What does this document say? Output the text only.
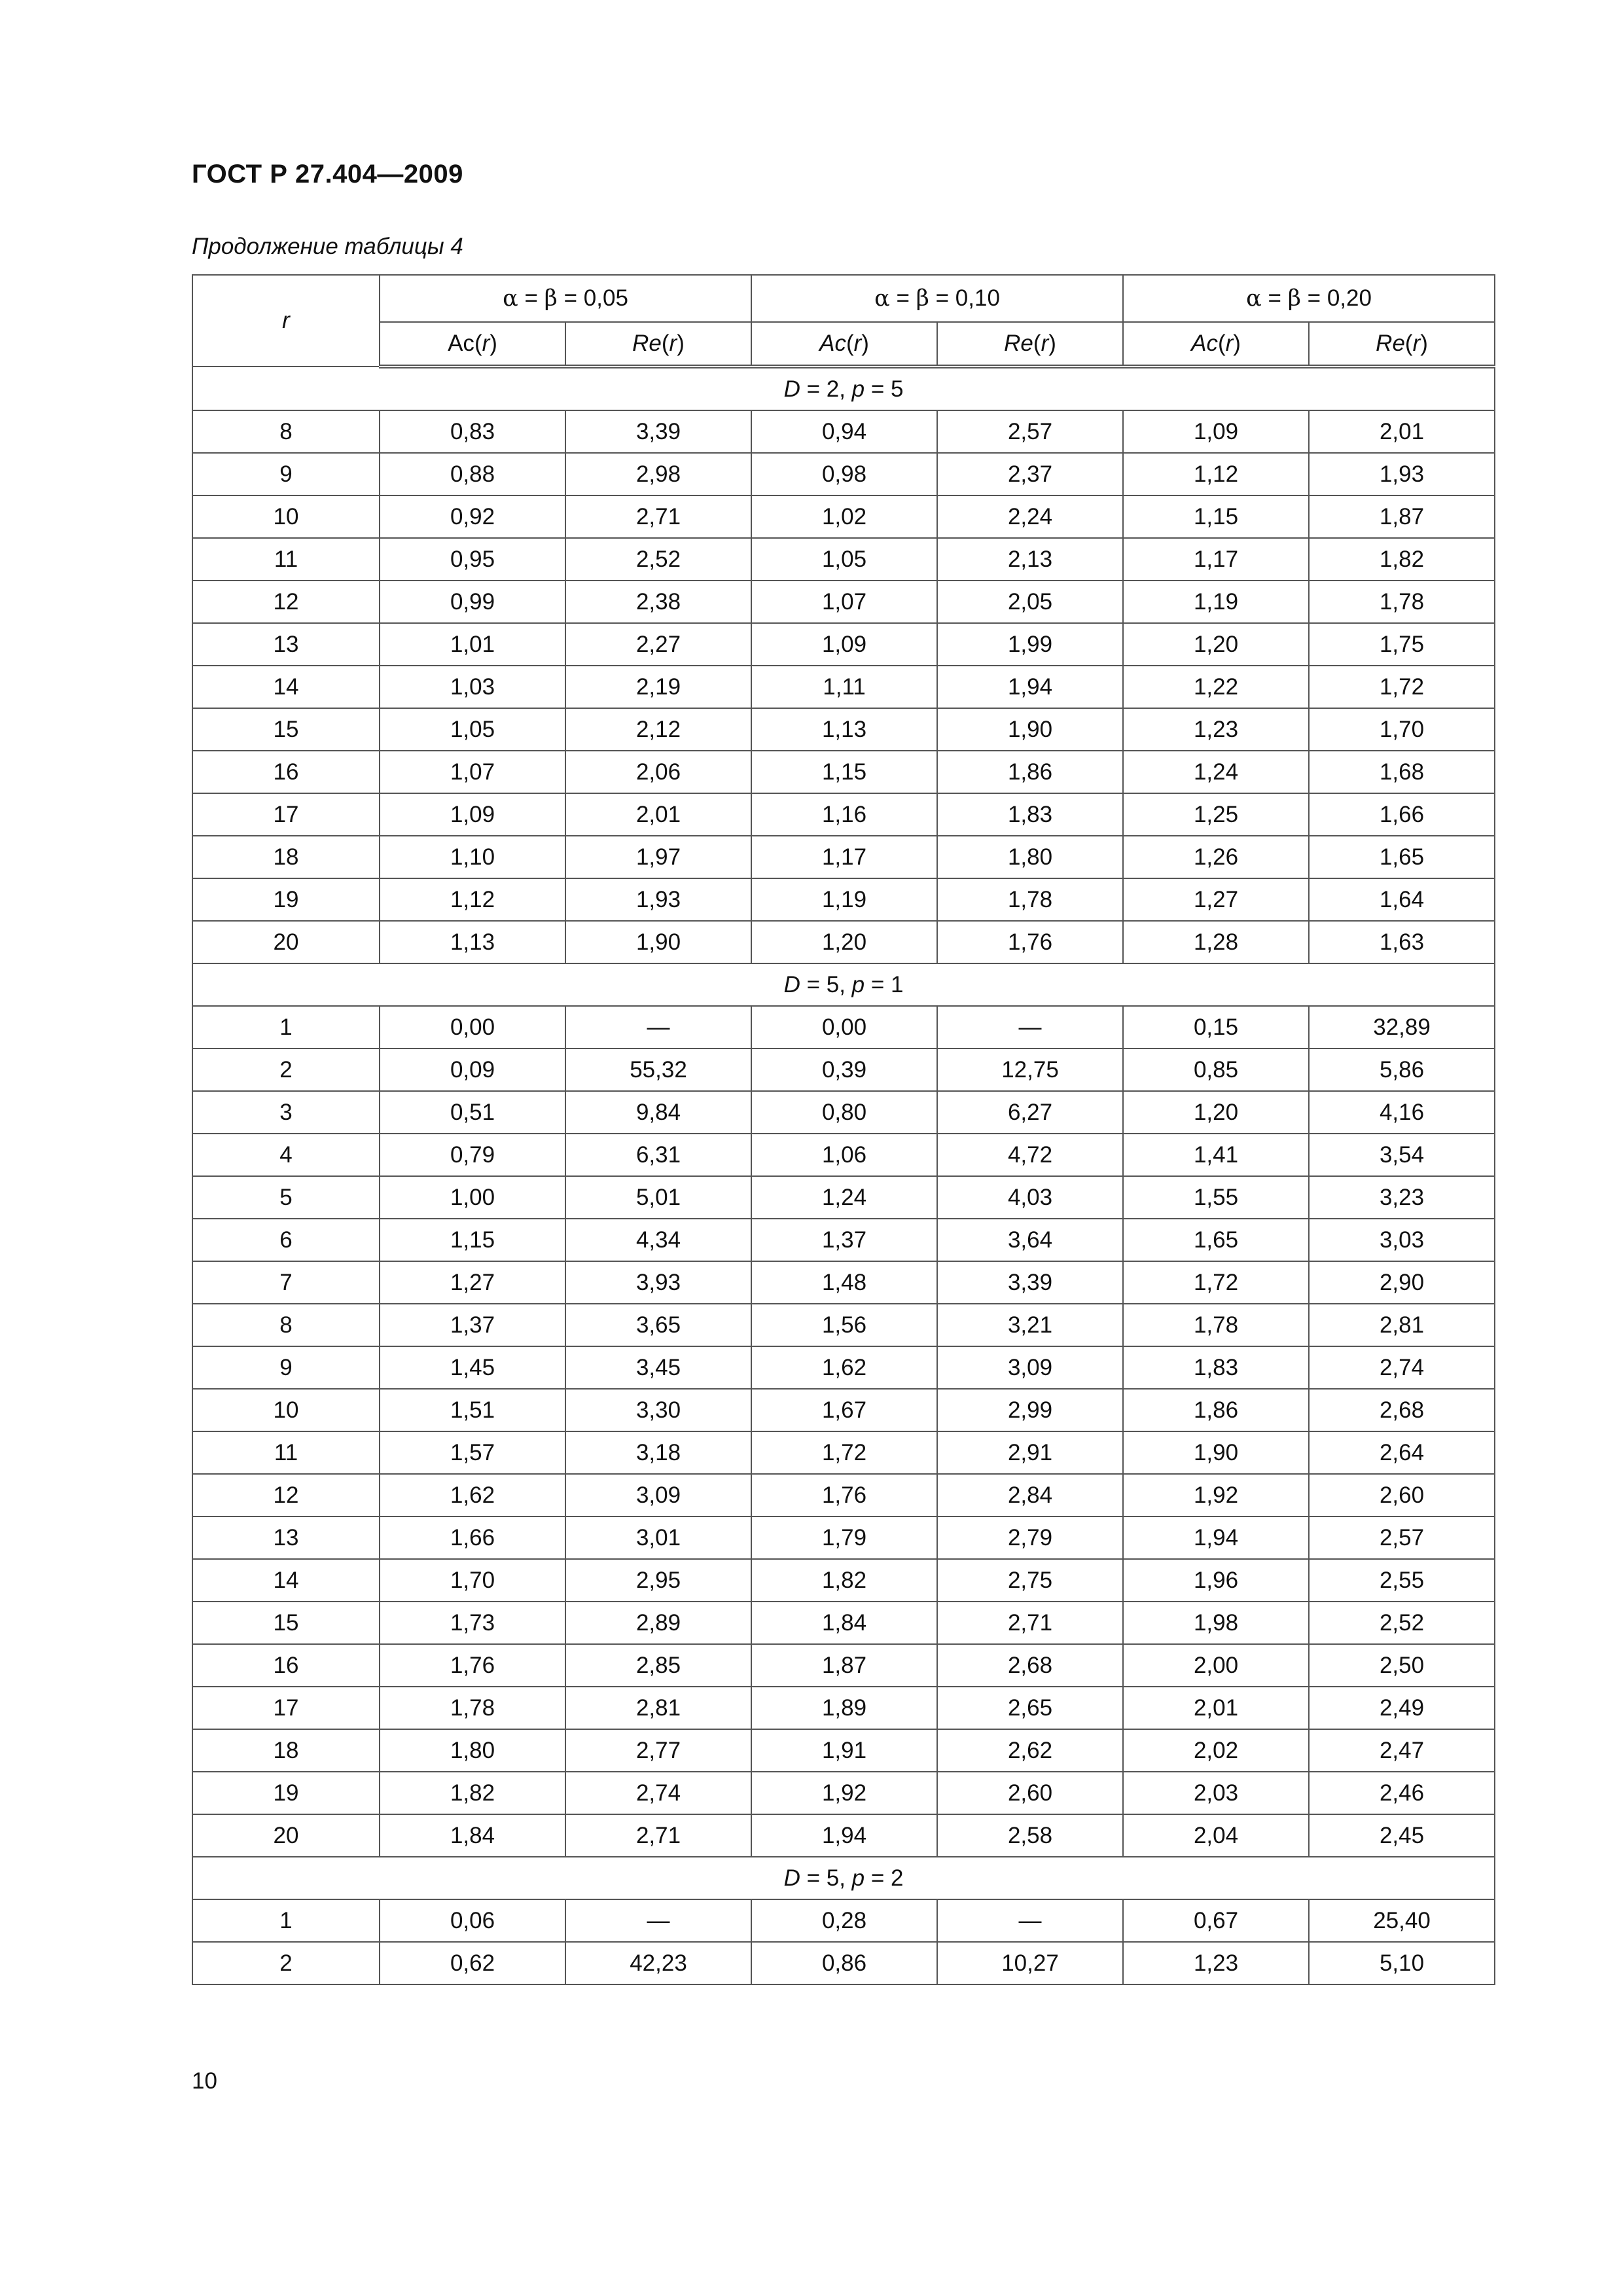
ГОСТ Р 27.404—2009

Продолжение таблицы 4

r	α = β = 0,05		α = β = 0,10		α = β = 0,20	
	Ac(r)	Re(r)	Ac(r)	Re(r)	Ac(r)	Re(r)
D = 2, p = 5						
8	0,83	3,39	0,94	2,57	1,09	2,01
9	0,88	2,98	0,98	2,37	1,12	1,93
10	0,92	2,71	1,02	2,24	1,15	1,87
11	0,95	2,52	1,05	2,13	1,17	1,82
12	0,99	2,38	1,07	2,05	1,19	1,78
13	1,01	2,27	1,09	1,99	1,20	1,75
14	1,03	2,19	1,11	1,94	1,22	1,72
15	1,05	2,12	1,13	1,90	1,23	1,70
16	1,07	2,06	1,15	1,86	1,24	1,68
17	1,09	2,01	1,16	1,83	1,25	1,66
18	1,10	1,97	1,17	1,80	1,26	1,65
19	1,12	1,93	1,19	1,78	1,27	1,64
20	1,13	1,90	1,20	1,76	1,28	1,63
D = 5, p = 1						
1	0,00	—	0,00	—	0,15	32,89
2	0,09	55,32	0,39	12,75	0,85	5,86
3	0,51	9,84	0,80	6,27	1,20	4,16
4	0,79	6,31	1,06	4,72	1,41	3,54
5	1,00	5,01	1,24	4,03	1,55	3,23
6	1,15	4,34	1,37	3,64	1,65	3,03
7	1,27	3,93	1,48	3,39	1,72	2,90
8	1,37	3,65	1,56	3,21	1,78	2,81
9	1,45	3,45	1,62	3,09	1,83	2,74
10	1,51	3,30	1,67	2,99	1,86	2,68
11	1,57	3,18	1,72	2,91	1,90	2,64
12	1,62	3,09	1,76	2,84	1,92	2,60
13	1,66	3,01	1,79	2,79	1,94	2,57
14	1,70	2,95	1,82	2,75	1,96	2,55
15	1,73	2,89	1,84	2,71	1,98	2,52
16	1,76	2,85	1,87	2,68	2,00	2,50
17	1,78	2,81	1,89	2,65	2,01	2,49
18	1,80	2,77	1,91	2,62	2,02	2,47
19	1,82	2,74	1,92	2,60	2,03	2,46
20	1,84	2,71	1,94	2,58	2,04	2,45
D = 5, p = 2						
1	0,06	—	0,28	—	0,67	25,40
2	0,62	42,23	0,86	10,27	1,23	5,10

10
